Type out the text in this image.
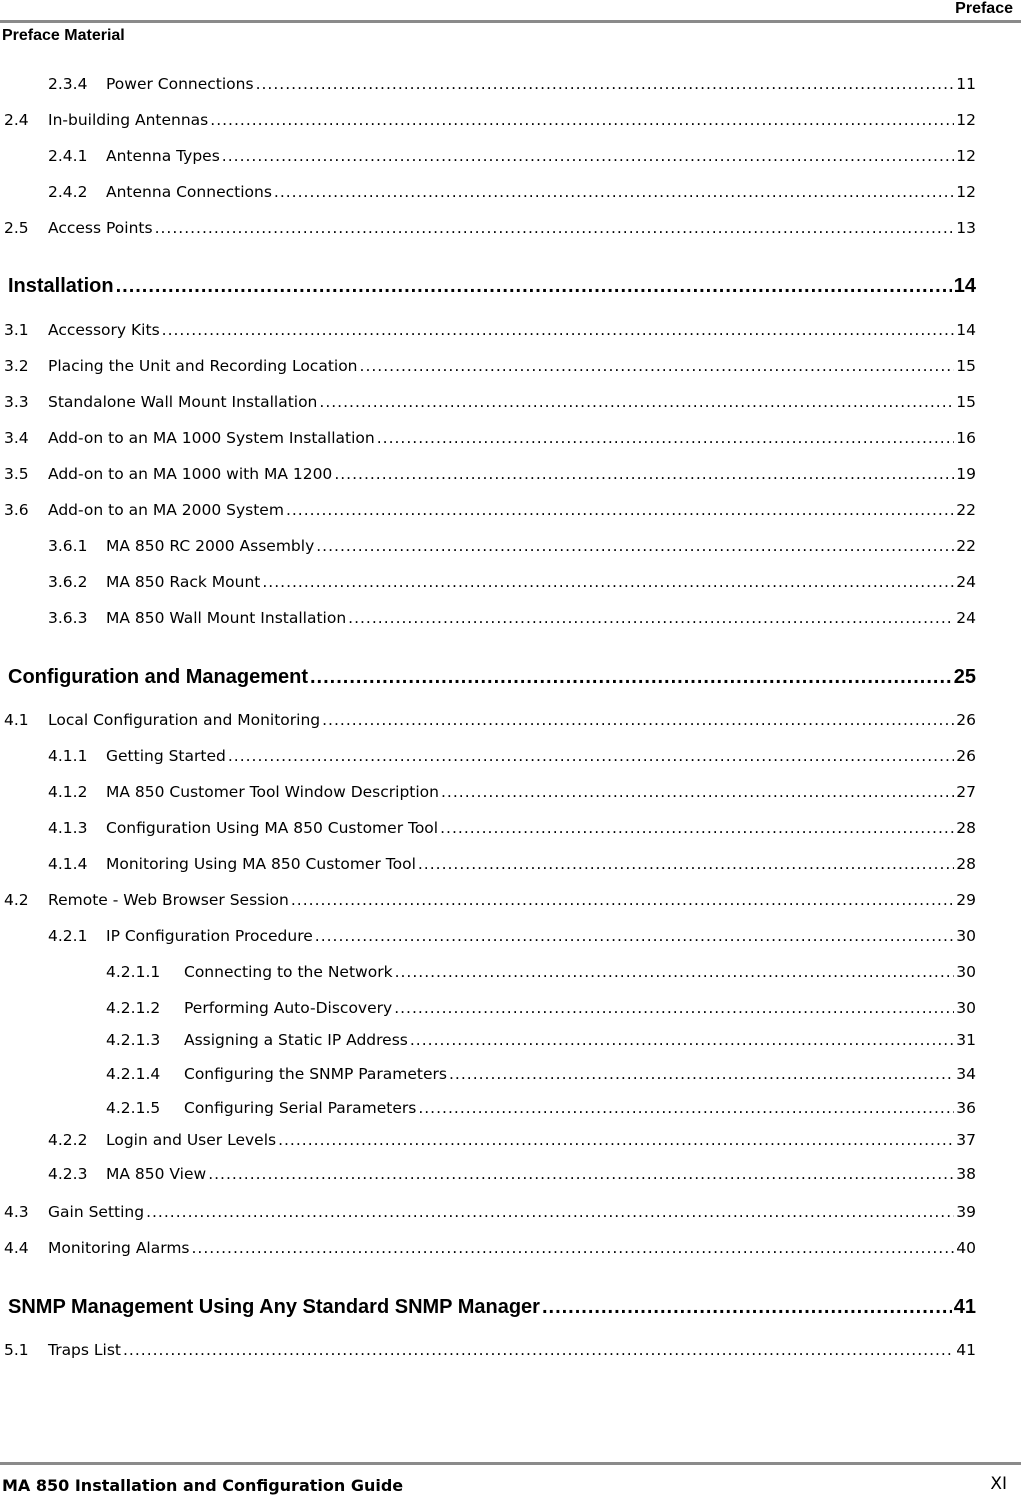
Preface
Preface Material
2.3.4	Power Connections .....	11
2.4	In-building Antennas .....	12
2.4.1	Antenna Types .....	12
2.4.2	Antenna Connections .....	12
2.5	Access Points .....	13
Installation .....	14
3.1	Accessory Kits .....	14
3.2	Placing the Unit and Recording Location .....	15
3.3	Standalone Wall Mount Installation .....	15
3.4	Add-on to an MA 1000 System Installation .....	16
3.5	Add-on to an MA 1000 with MA 1200 .....	19
3.6	Add-on to an MA 2000 System .....	22
3.6.1	MA 850 RC 2000 Assembly .....	22
3.6.2	MA 850 Rack Mount .....	24
3.6.3	MA 850 Wall Mount Installation .....	24
Configuration and Management .....	25
4.1	Local Configuration and Monitoring .....	26
4.1.1	Getting Started .....	26
4.1.2	MA 850 Customer Tool Window Description .....	27
4.1.3	Configuration Using MA 850 Customer Tool .....	28
4.1.4	Monitoring Using MA 850 Customer Tool .....	28
4.2	Remote - Web Browser Session .....	29
4.2.1	IP Configuration Procedure .....	30
4.2.1.1	Connecting to the Network .....	30
4.2.1.2	Performing Auto-Discovery .....	30
4.2.1.3	Assigning a Static IP Address .....	31
4.2.1.4	Configuring the SNMP Parameters .....	34
4.2.1.5	Configuring Serial Parameters .....	36
4.2.2	Login and User Levels .....	37
4.2.3	MA 850 View .....	38
4.3	Gain Setting .....	39
4.4	Monitoring Alarms .....	40
SNMP Management Using Any Standard SNMP Manager .....	41
5.1	Traps List .....	41
MA 850 Installation and Configuration Guide	XI
